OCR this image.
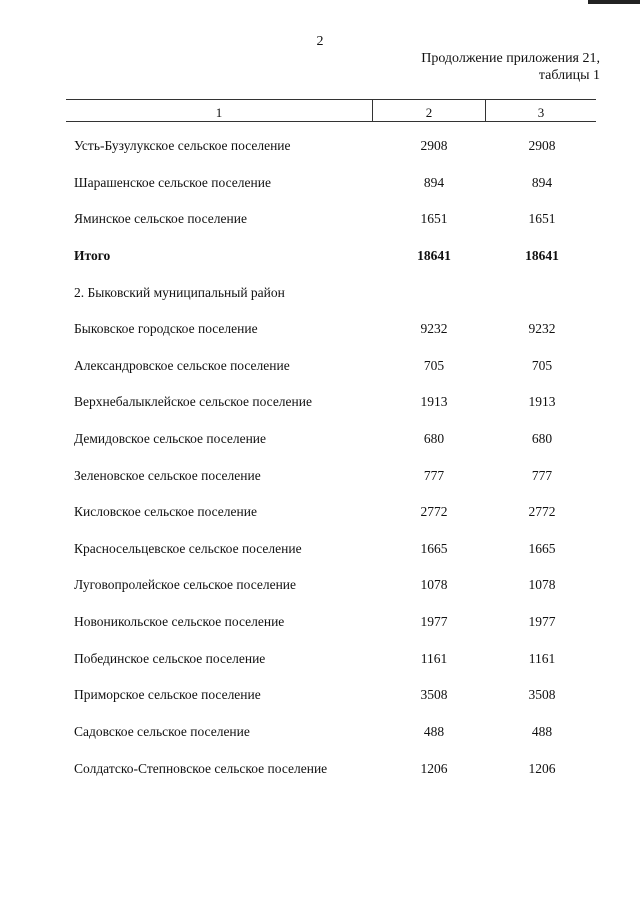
2
Продолжение приложения 21,
таблицы 1
1	2	3
Усть-Бузулукское сельское поселение	2908	2908
Шарашенское сельское поселение	894	894
Яминское сельское поселение	1651	1651
Итого	18641	18641
2. Быковский муниципальный район
Быковское городское поселение	9232	9232
Александровское сельское поселение	705	705
Верхнебалыклейское сельское поселение	1913	1913
Демидовское сельское поселение	680	680
Зеленовское сельское поселение	777	777
Кисловское сельское поселение	2772	2772
Красносельцевское сельское поселение	1665	1665
Луговопролейское сельское поселение	1078	1078
Новоникольское сельское поселение	1977	1977
Побединское сельское поселение	1161	1161
Приморское сельское поселение	3508	3508
Садовское сельское поселение	488	488
Солдатско-Степновское сельское поселение	1206	1206
